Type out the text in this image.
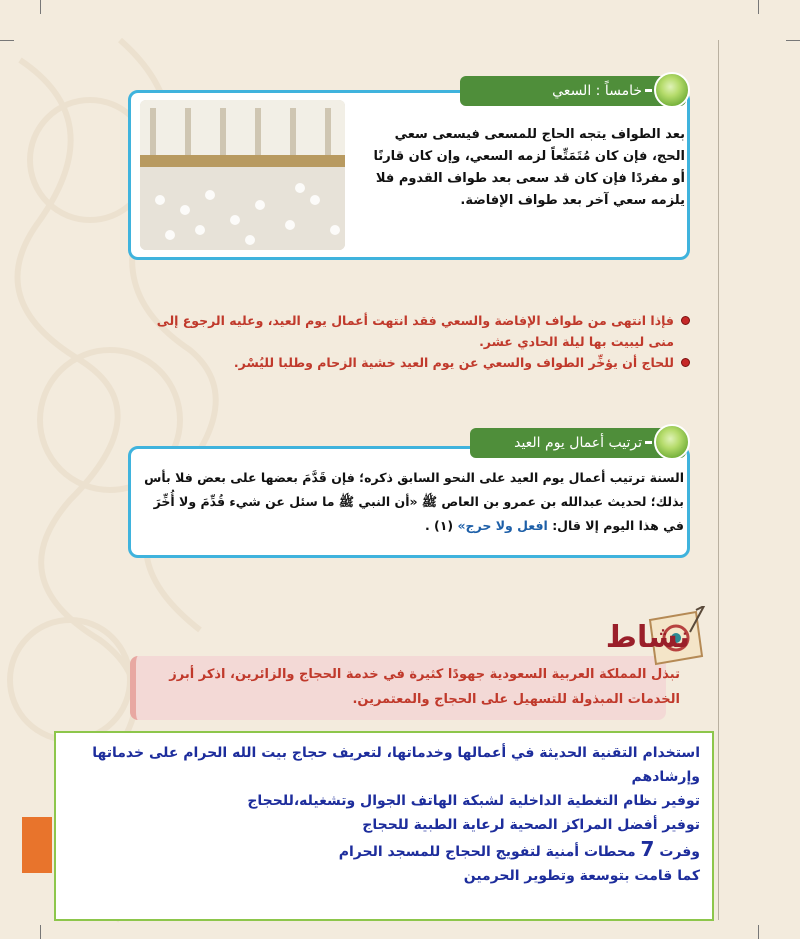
خامساً : السعي
بعد الطواف يتجه الحاج للمسعى فيسعى سعي الحج، فإن كان مُتَمَتِّعاً لزمه السعي، وإن كان قارنًا أو مفردًا فإن كان قد سعى بعد طواف القدوم فلا يلزمه سعي آخر بعد طواف الإفاضة.
فإذا انتهى من طواف الإفاضة والسعي فقد انتهت أعمال يوم العيد، وعليه الرجوع إلى منى ليبيت بها ليلة الحادي عشر.
للحاج أن يؤخِّر الطواف والسعي عن يوم العيد خشية الزحام وطلبا لليُسْر.
ترتيب أعمال يوم العيد
السنة ترتيب أعمال يوم العيد على النحو السابق ذكره؛ فإن قَدَّمَ بعضها على بعض فلا بأس بذلك؛ لحديث عبدالله بن عمرو بن العاص ﷺ «أن النبي ﷺ ما سئل عن شيء قُدِّمَ ولا أُخِّرَ في هذا اليوم إلا قال: افعل ولا حرج» (١) .
نشاط
تبذل المملكة العربية السعودية جهودًا كثيرة في خدمة الحجاج والزائرين، اذكر أبرز الخدمات المبذولة للتسهيل على الحجاج والمعتمرين.
استخدام التقنية الحديثة في أعمالها وخدماتها، لتعريف حجاج بيت الله الحرام على خدماتها وإرشادهم
توفير نظام التغطية الداخلية لشبكة الهاتف الجوال وتشغيله،للحجاج
توفير أفضل المراكز الصحية لرعاية الطبية للحجاج
وفرت 7 محطات أمنية لتفويج الحجاج للمسجد الحرام
كما قامت بتوسعة وتطوير الحرمين
